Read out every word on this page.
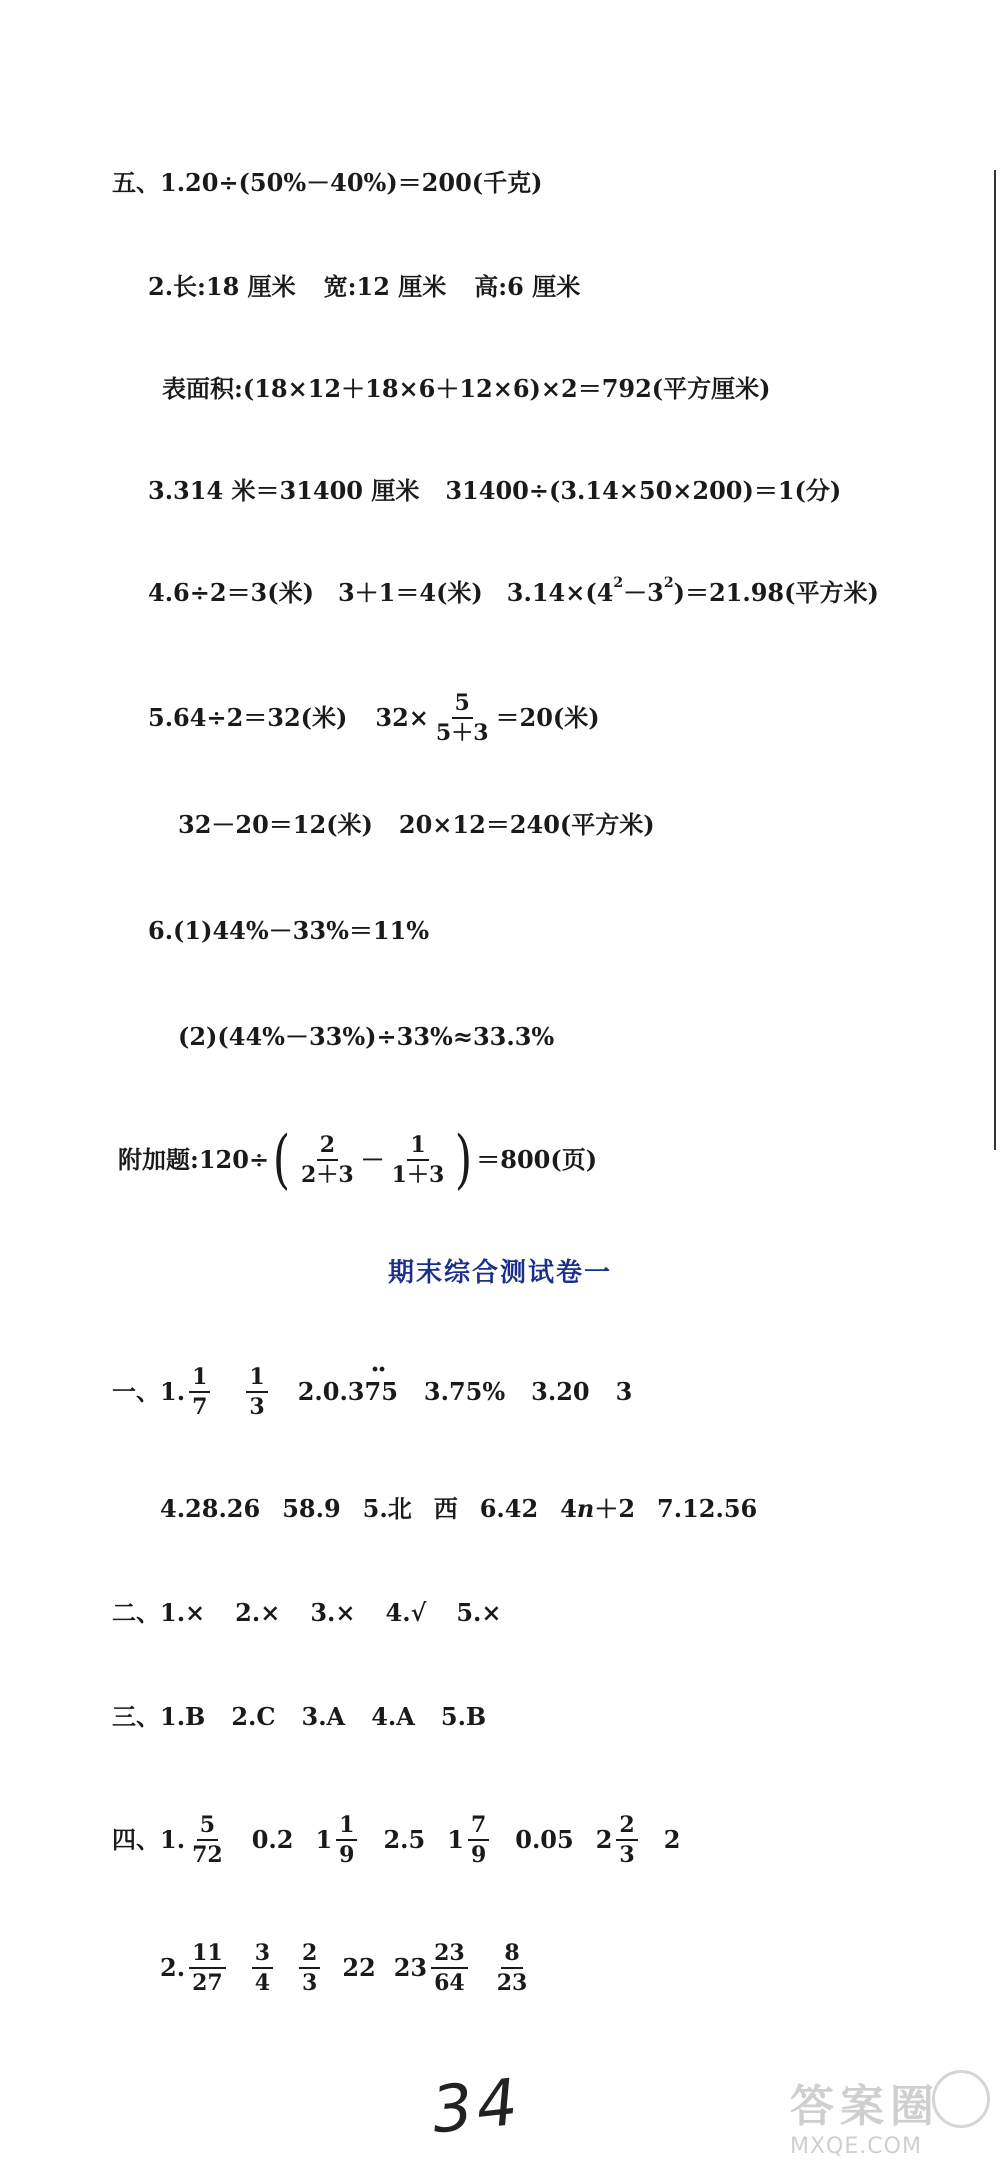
五、1.20÷(50%－40%)＝200(千克)
2.长:18 厘米 宽:12 厘米 高:6 厘米
表面积:(18×12＋18×6＋12×6)×2＝792(平方厘米)
3.314 米＝31400 厘米 31400÷(3.14×50×200)＝1(分)
4.6÷2＝3(米) 3＋1＝4(米) 3.14×(4 2 －3 2 )＝21.98(平方米)
5.64÷2＝32(米) $32\times \frac{5}{5+3} =20$(米)
32－20＝12(米) 20×12＝240(平方米)
6.(1)44%－33%＝11%
(2)(44%－33%)÷33%≈33.3%
附加题: 120÷ ( $\frac{2}{2+3} - \frac{1}{1+3}$ ) ＝800(页)
期末综合测试卷一
一、1. $\frac{1}{7} \frac{1}{3} 2.0.3$
·· 75 3.75% 3.20 3
4.28.26 58.9 5.北 西 6.42 4 n ＋2 7.12.56
二、1.× 2.× 3.× 4.√ 5.×
三、1.B 2.C 3.A 4.A 5.B
四、1. $\frac{5}{72} 0.2$ $1 \frac{1}{9} 2.5$ $1 \frac{7}{9} 0.05$ $2 \frac{2}{3} 2$
2. $\frac{11}{27} \frac{3}{4} \frac{2}{3} 22$ $23 \frac{23}{64} \frac{8}{23}$
34	答案圈
MXQE.COM
